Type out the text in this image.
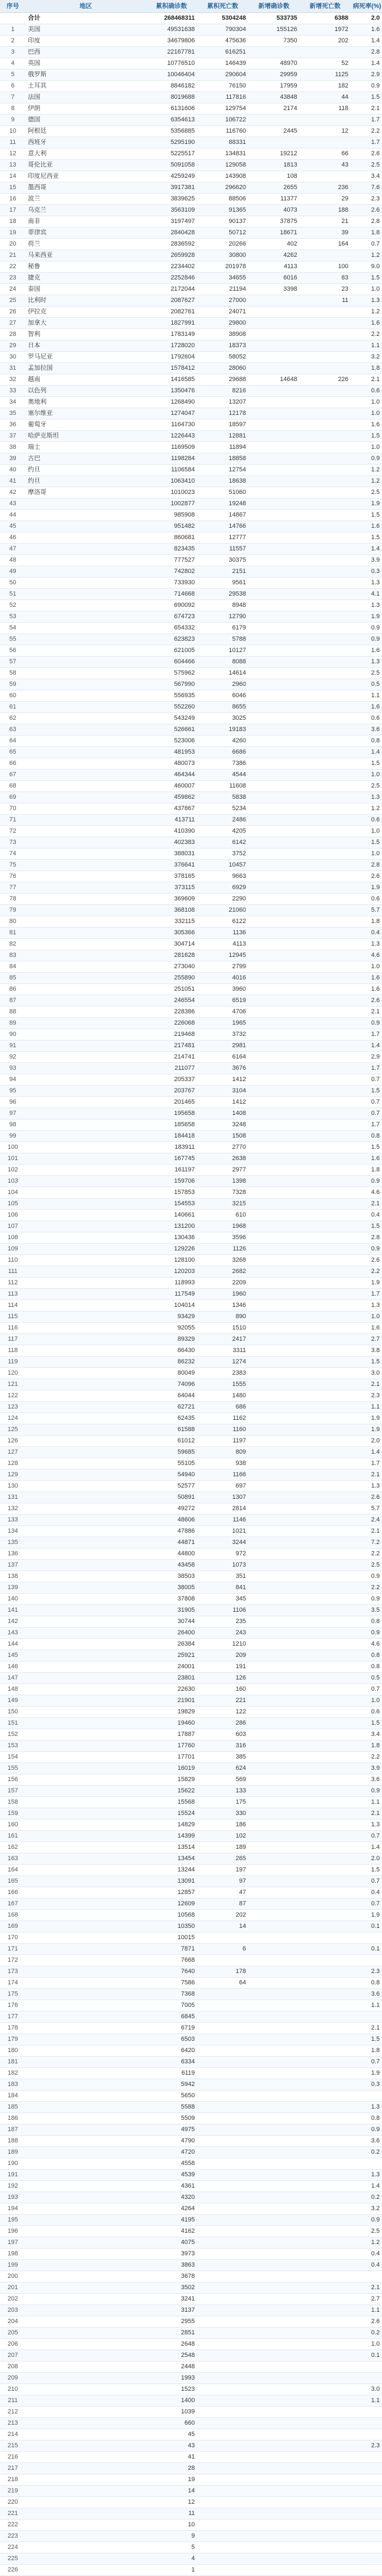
序号	地区	累积确诊数	累积死亡数	新增确诊数	新增死亡数	病死率(%)
	合计	268468311	5304248	533735	6388	2.0
1	美国	49531638	790304	155126	1972	1.6
2	印度	34679806	475636	7350	202	1.4
3	巴西	22167781	616251			2.8
4	英国	10776510	146439	48970	52	1.4
5	俄罗斯	10046404	290604	29959	1125	2.9
6	土耳其	8846182	76150	17959	182	0.9
7	法国	8019688	117816	43848	44	1.5
8	伊朗	6131606	129754	2174	118	2.1
9	德国	6354613	106722			1.7
10	阿根廷	5356885	116760	2445	12	2.2
11	西班牙	5295190	88331			1.7
12	意大利	5225517	134831	19212	66	2.6
13	哥伦比亚	5091058	129058	1813	43	2.5
14	印度尼西亚	4259249	143908	108		3.4
15	墨西哥	3917381	296620	2655	236	7.6
16	波兰	3839625	88506	11377	29	2.3
17	乌克兰	3563109	91365	4073	188	2.6
18	南非	3197497	90137	37875	21	2.8
19	菲律宾	2840428	50712	18671	39	1.8
20	荷兰	2836592	20266	402	164	0.7
21	马来西亚	2659928	30800	4262		1.2
22	秘鲁	2234402	201978	4113	100	9.0
23	捷克	2252846	34655	6016	83	1.5
24	泰国	2172044	21194	3398	23	1.0
25	比利时	2087627	27000		11	1.3
26	伊拉克	2082761	24071			1.2
27	加拿大	1827991	29800			1.6
28	智利	1783149	38908			2.2
29	日本	1728020	18373			1.1
30	罗马尼亚	1792604	58052			3.2
31	孟加拉国	1578412	28060			1.8
32	越南	1416585	29688	14648	226	2.1
33	以色列	1350476	8216			0.6
34	奥地利	1268490	13207			1.0
35	塞尔维亚	1274047	12178			1.0
36	葡萄牙	1164730	18597			1.6
37	哈萨克斯坦	1226443	12881			1.5
38	瑞士	1169509	11894			1.0
39	古巴	1198284	18858			0.9
40	约旦	1106584	12754			1.2
41	约旦	1063410	18638			1.2
42	摩洛哥	1010023	51060			2.5
43		1002877	19248			1.9
44		985908	14867			1.5
45		951482	14766			1.6
46		860681	12777			1.5
47		823435	11557			1.4
48		777527	30375			3.9
49		742802	2151			0.3
50		733930	9561			1.3
51		714668	29538			4.1
52		690092	8948			1.3
53		674723	12790			1.9
54		654332	6179			0.9
55		623823	5788			0.9
56		621005	10127			1.6
57		604466	8088			1.3
58		575962	14614			2.5
59		567990	2960			0.5
60		556935	6046			1.1
61		552260	8655			1.6
62		543249	3025			0.6
63		526661	19183			3.6
64		523006	4260			0.8
65		481953	6686			1.4
66		480073	7386			1.5
67		464344	4544			1.0
68		460007	11608			2.5
69		459862	5838			1.3
70		437867	5234			1.2
71		413711	2486			0.6
72		410390	4205			1.0
73		402383	6142			1.5
74		388031	3752			1.0
75		376641	10457			2.8
76		378165	9663			2.6
77		373115	6929			1.9
78		369609	2290			0.6
79		368108	21060			5.7
80		332115	6122			1.8
81		305366	1136			0.4
82		304714	4113			1.3
83		281628	12945			4.6
84		273040	2799			1.0
85		255890	4016			1.6
86		251051	3960			1.6
87		246554	6519			2.6
88		228386	4706			2.1
89		226068	1965			0.9
90		219468	3732			1.7
91		217481	2981			1.4
92		214741	6164			2.9
93		211077	3676			1.7
94		205337	1412			0.7
95		203767	3104			1.5
96		201465	1412			0.7
97		195658	1408			0.7
98		185658	3248			1.7
99		184418	1508			0.8
100		183911	2770			1.5
101		167745	2638			1.6
102		161197	2977			1.8
103		159706	1398			0.9
104		157853	7328			4.6
105		154553	3215			2.1
106		140661	610			0.4
107		131200	1968			1.5
108		130436	3596			2.8
109		129226	1126			0.9
110		128100	3268			2.6
111		120203	2682			2.2
112		118993	2209			1.9
113		117549	1960			1.7
114		104014	1346			1.3
115		93429	890			1.0
116		92055	1510			1.6
117		89329	2417			2.7
118		86430	3311			3.8
119		86232	1274			1.5
120		80049	2383			3.0
121		74096	1555			2.1
122		64044	1480			2.3
123		62721	686			1.1
124		62435	1162			1.9
125		61588	1160			1.9
126		61012	1197			2.0
127		59685	809			1.4
128		55105	938			1.7
129		54940	1166			2.1
130		52577	697			1.3
131		50891	1307			2.6
132		49272	2814			5.7
133		48606	1146			2.4
134		47886	1021			2.1
135		44871	3244			7.2
136		44800	972			2.2
137		43458	1073			2.5
138		38503	351			0.9
139		38005	841			2.2
140		37808	345			0.9
141		31905	1106			3.5
142		30744	235			0.8
143		26400	243			0.9
144		26384	1210			4.6
145		25921	209			0.8
146		24001	191			0.8
147		23801	126			0.5
148		22630	160			0.7
149		21901	221			1.0
150		19829	122			0.6
151		19460	286			1.5
152		17887	603			3.4
153		17760	316			1.8
154		17701	385			2.2
155		16019	624			3.9
156		15829	569			3.6
157		15622	133			0.9
158		15568	175			1.1
159		15524	330			2.1
160		14829	186			1.3
161		14399	102			0.7
162		13514	189			1.4
163		13454	265			2.0
164		13244	197			1.5
165		13091	97			0.7
166		12857	47			0.4
167		12609	87			0.7
168		10568	202			1.9
169		10350	14			0.1
170		10015				
171		7871	6			0.1
172		7668				
173		7640	178			2.3
174		7586	64			0.8
175		7368				3.6
176		7005				1.1
177		6845				
178		6719				2.1
179		6503				1.5
180		6420				1.8
181		6334				0.7
182		6119				1.9
183		5942				0.3
184		5650				
185		5588				1.3
186		5509				0.8
187		4975				0.9
188		4790				3.6
189		4720				0.2
190		4558				
191		4539				1.3
192		4361				1.4
193		4320				0.2
194		4264				3.2
195		4195				0.9
196		4162				2.5
197		4075				1.2
198		3973				0.4
199		3863				0.4
200		3678				
201		3502				2.1
202		3241				2.7
203		3137				1.1
204		2955				2.6
205		2851				0.2
206		2648				1.0
207		2548				0.1
208		2448				
209		1993				
210		1523				3.0
211		1400				1.1
212		1039				
213		660				
214		45				
215		43				2.3
216		41				
217		28				
218		19				
219		14				
220		12				
221		11				
222		10				
223		9				
224		5				
225		4				
226		1				
